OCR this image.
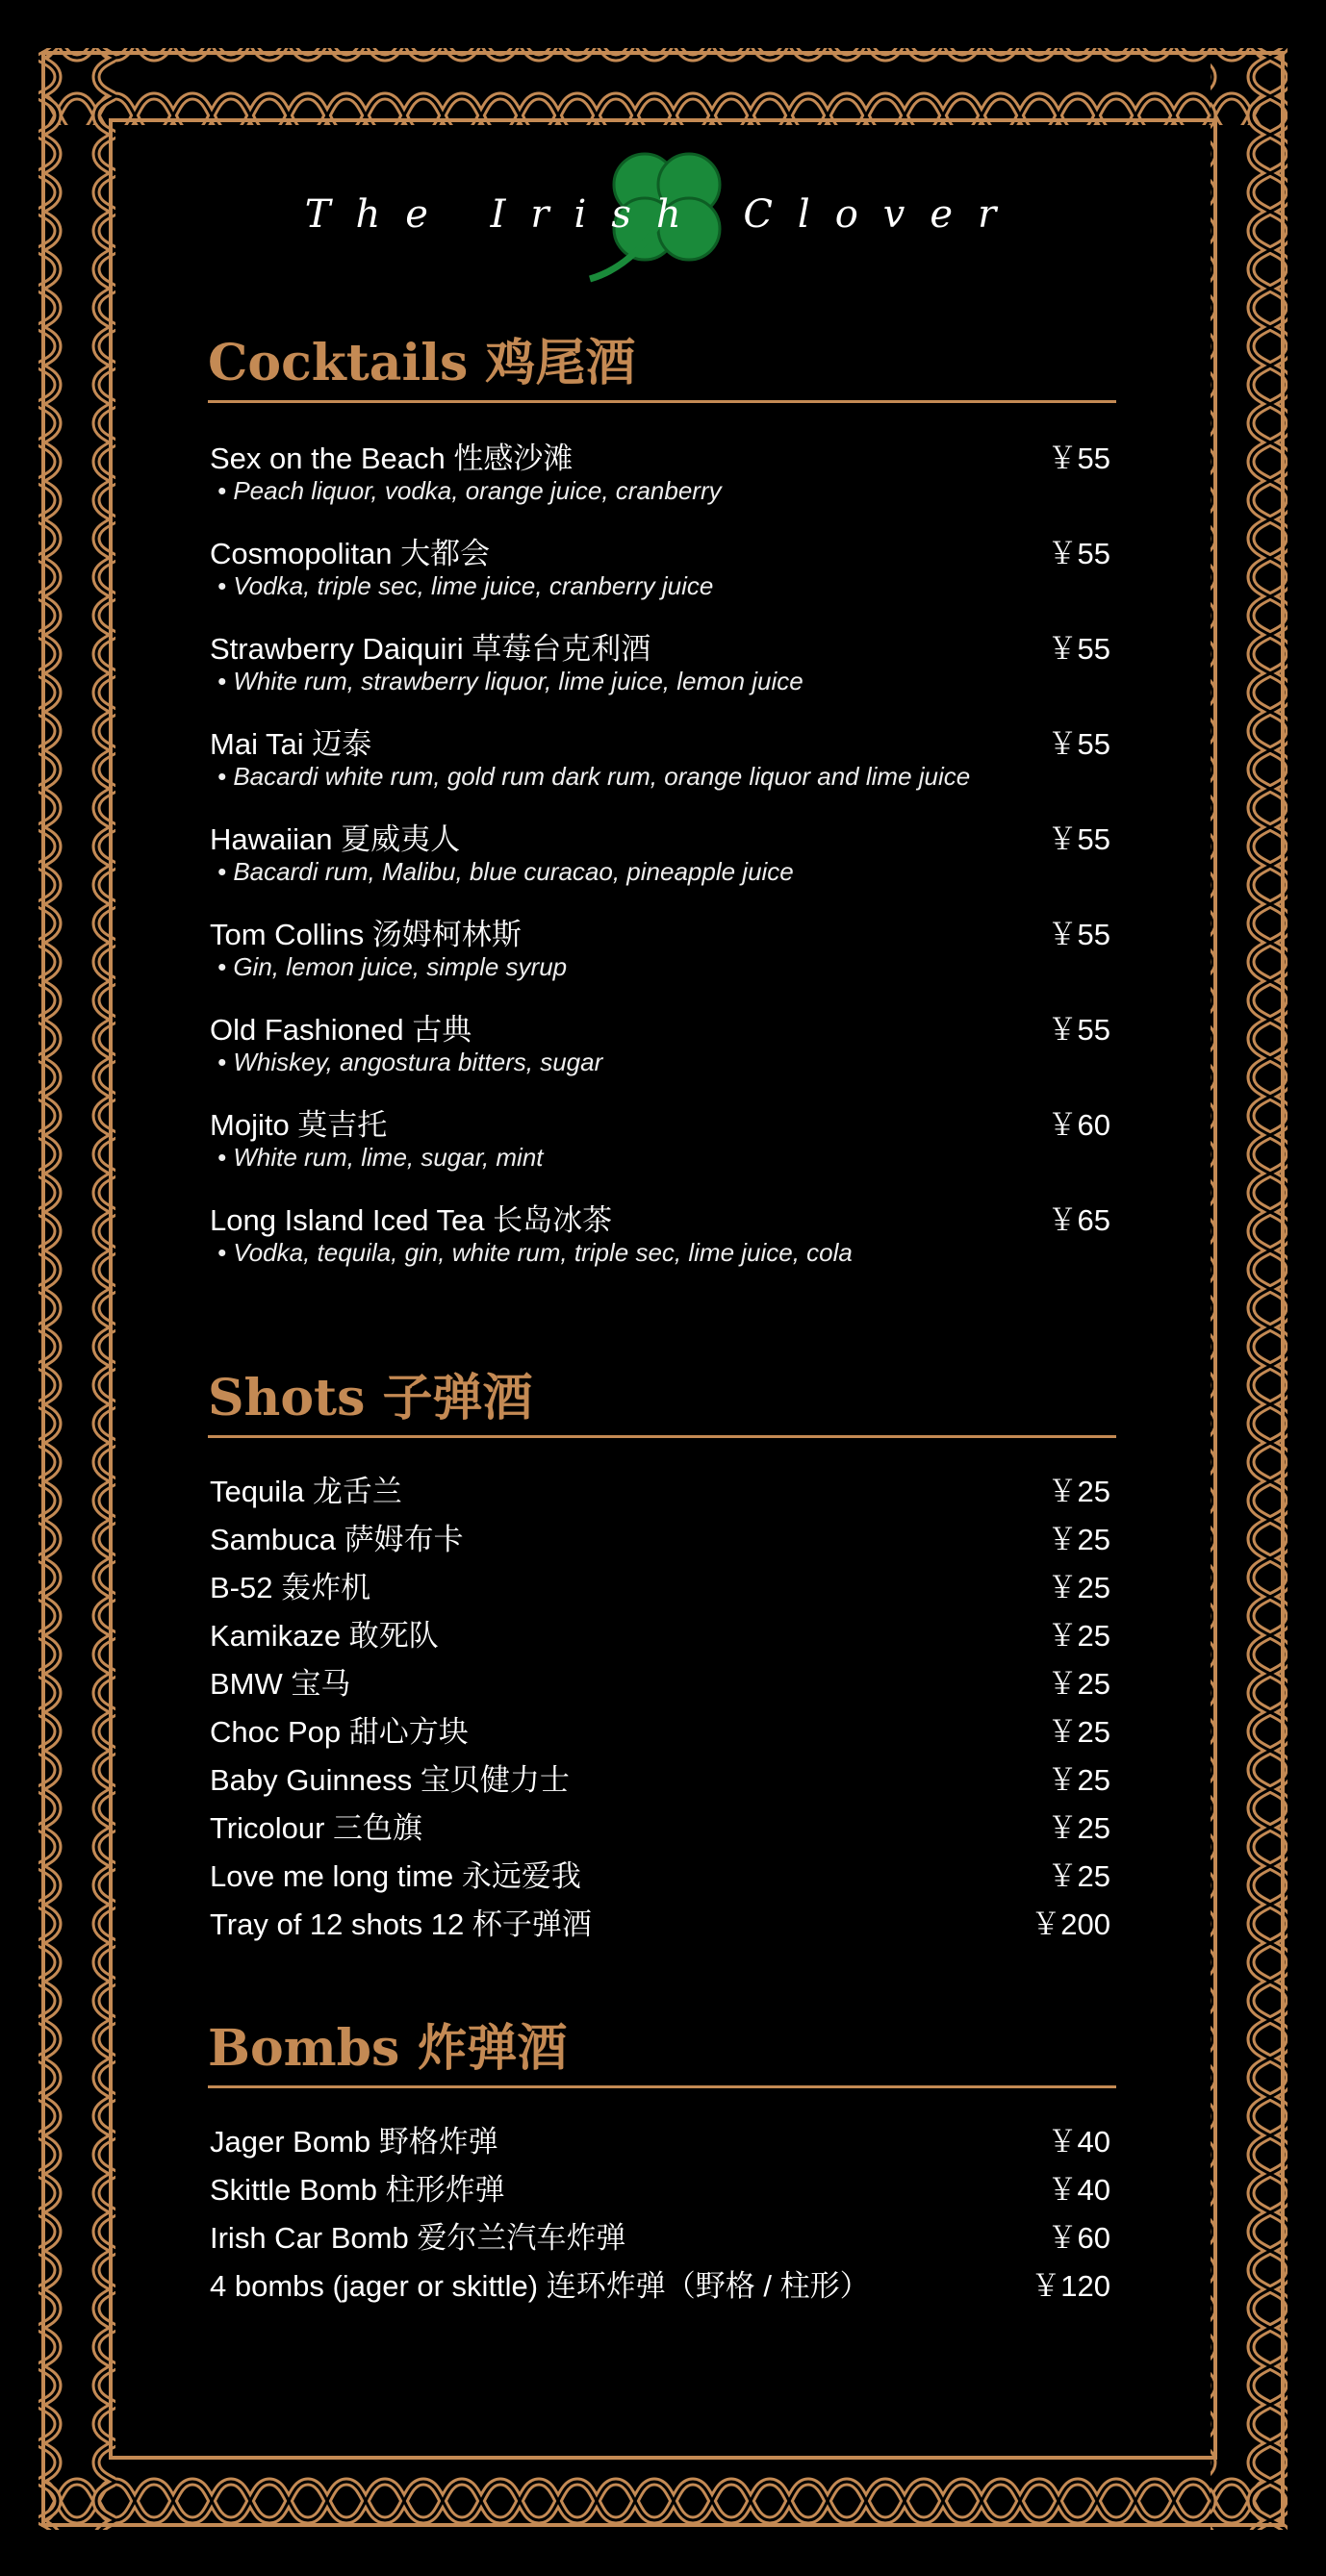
The Irish Clover
Cocktails 鸡尾酒
Sex on the Beach 性感沙滩
• Peach liquor, vodka, orange juice, cranberry
￥55
Cosmopolitan 大都会
• Vodka, triple sec, lime juice, cranberry juice
￥55
Strawberry Daiquiri 草莓台克利酒
• White rum, strawberry liquor, lime juice, lemon juice
￥55
Mai Tai 迈泰
• Bacardi white rum, gold rum dark rum, orange liquor and lime juice
￥55
Hawaiian 夏威夷人
• Bacardi rum, Malibu, blue curacao, pineapple juice
￥55
Tom Collins 汤姆柯林斯
• Gin, lemon juice, simple syrup
￥55
Old Fashioned 古典
• Whiskey, angostura bitters, sugar
￥55
Mojito 莫吉托
• White rum, lime, sugar, mint
￥60
Long Island Iced Tea 长岛冰茶
• Vodka, tequila, gin, white rum, triple sec, lime juice, cola
￥65
Shots 子弹酒
Tequila 龙舌兰	￥25
Sambuca 萨姆布卡	￥25
B-52 轰炸机	￥25
Kamikaze 敢死队	￥25
BMW 宝马	￥25
Choc Pop 甜心方块	￥25
Baby Guinness 宝贝健力士	￥25
Tricolour 三色旗	￥25
Love me long time 永远爱我	￥25
Tray of 12 shots 12 杯子弹酒	￥200
Bombs 炸弹酒
Jager Bomb 野格炸弹	￥40
Skittle Bomb 柱形炸弹	￥40
Irish Car Bomb 爱尔兰汽车炸弹	￥60
4 bombs (jager or skittle) 连环炸弹（野格 / 柱形）	￥120
